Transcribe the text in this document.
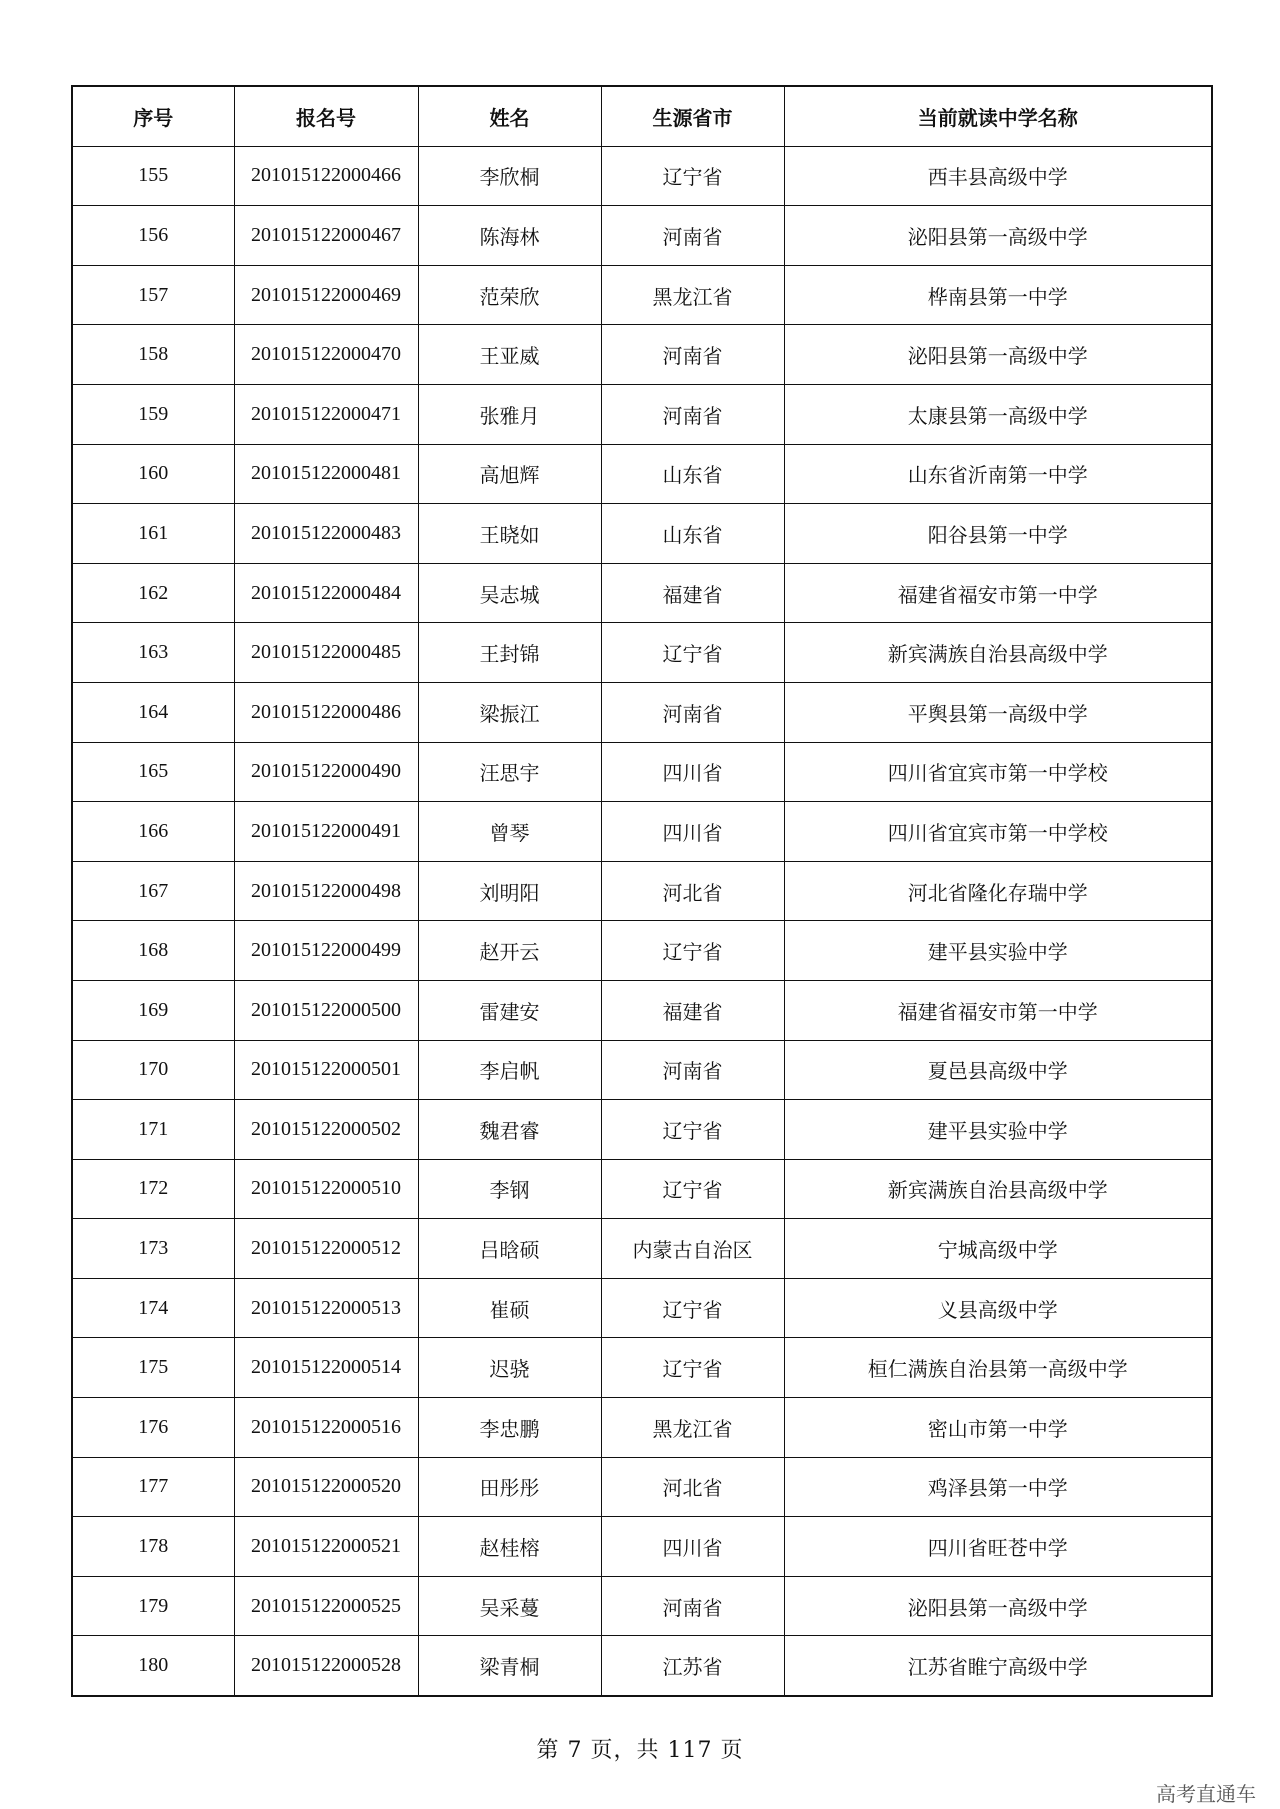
序号	报名号	姓名	生源省市	当前就读中学名称
155	201015122000466	李欣桐	辽宁省	西丰县高级中学
156	201015122000467	陈海林	河南省	泌阳县第一高级中学
157	201015122000469	范荣欣	黑龙江省	桦南县第一中学
158	201015122000470	王亚威	河南省	泌阳县第一高级中学
159	201015122000471	张雅月	河南省	太康县第一高级中学
160	201015122000481	高旭辉	山东省	山东省沂南第一中学
161	201015122000483	王晓如	山东省	阳谷县第一中学
162	201015122000484	吴志城	福建省	福建省福安市第一中学
163	201015122000485	王封锦	辽宁省	新宾满族自治县高级中学
164	201015122000486	梁振江	河南省	平舆县第一高级中学
165	201015122000490	汪思宇	四川省	四川省宜宾市第一中学校
166	201015122000491	曾琴	四川省	四川省宜宾市第一中学校
167	201015122000498	刘明阳	河北省	河北省隆化存瑞中学
168	201015122000499	赵开云	辽宁省	建平县实验中学
169	201015122000500	雷建安	福建省	福建省福安市第一中学
170	201015122000501	李启帆	河南省	夏邑县高级中学
171	201015122000502	魏君睿	辽宁省	建平县实验中学
172	201015122000510	李钢	辽宁省	新宾满族自治县高级中学
173	201015122000512	吕晗硕	内蒙古自治区	宁城高级中学
174	201015122000513	崔硕	辽宁省	义县高级中学
175	201015122000514	迟骁	辽宁省	桓仁满族自治县第一高级中学
176	201015122000516	李忠鹏	黑龙江省	密山市第一中学
177	201015122000520	田彤彤	河北省	鸡泽县第一中学
178	201015122000521	赵桂榕	四川省	四川省旺苍中学
179	201015122000525	吴采蔓	河南省	泌阳县第一高级中学
180	201015122000528	梁青桐	江苏省	江苏省睢宁高级中学
第 7 页，共 117 页
高考直通车
